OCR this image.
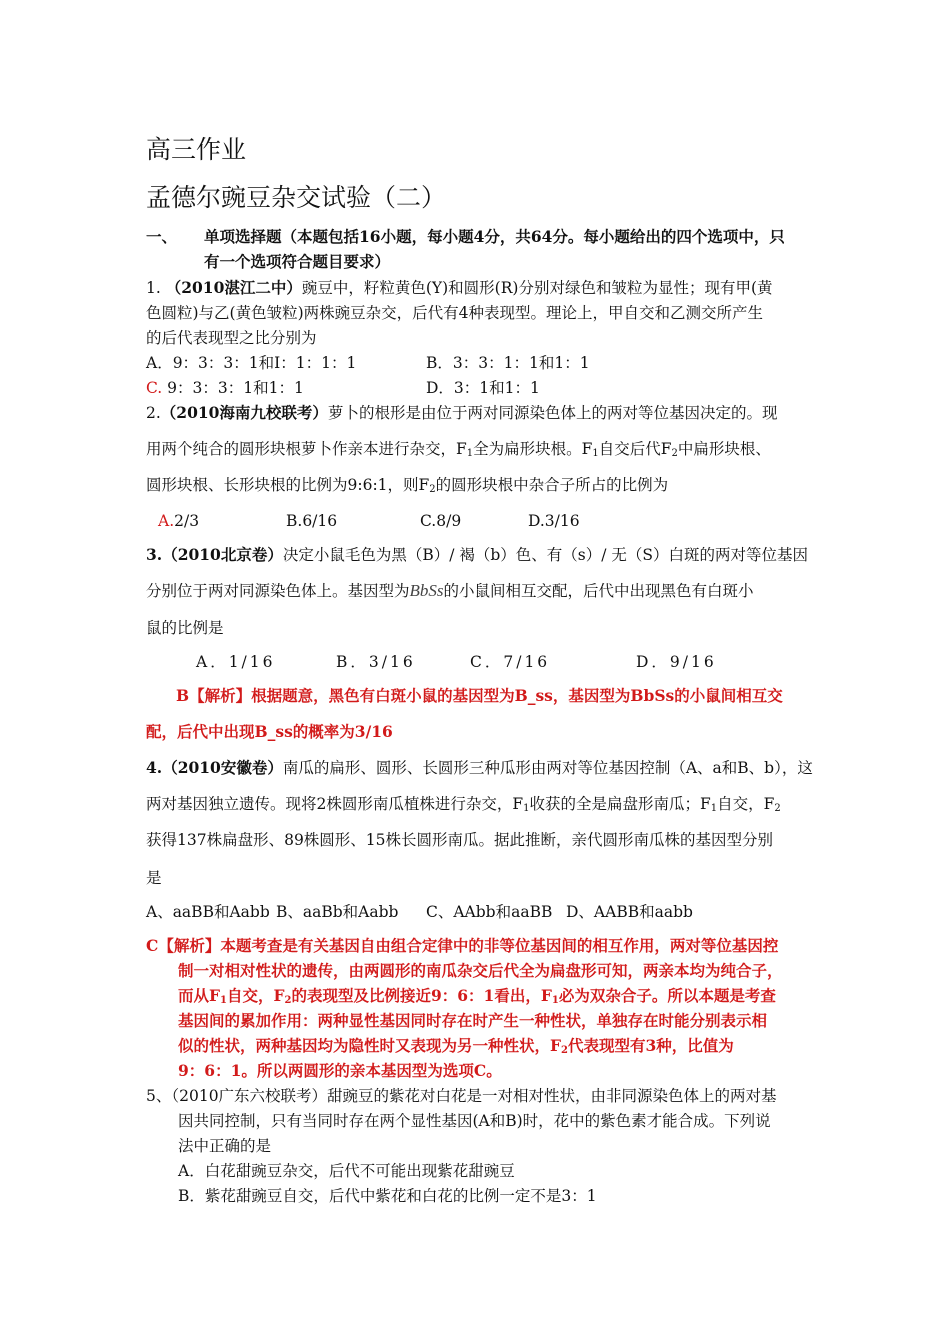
高三作业
孟德尔豌豆杂交试验（二）
一、 单项选择题（本题包括16小题，每小题4分，共64分。每小题给出的四个选项中，只
有一个选项符合题目要求）
1. （2010湛江二中）豌豆中，籽粒黄色(Y)和圆形(R)分别对绿色和皱粒为显性；现有甲(黄
色圆粒)与乙(黄色皱粒)两株豌豆杂交，后代有4种表现型。理论上，甲自交和乙测交所产生
的后代表现型之比分别为
A．9：3：3：1和I：1：1：1	B．3：3：1：1和1：1
C. 9：3：3：1和1：1	D．3：1和1：1
2.（2010海南九校联考）萝卜的根形是由位于两对同源染色体上的两对等位基因决定的。现
用两个纯合的圆形块根萝卜作亲本进行杂交，$F_1$全为扁形块根。$F_1$自交后代$F_2$中扁形块根、
圆形块根、长形块根的比例为9:6:1，则$F_2$的圆形块根中杂合子所占的比例为
A.2/3	B.6/16	C.8/9	D.3/16
3.（2010北京卷）决定小鼠毛色为黑（B）/ 褐（b）色、有（s）/ 无（S）白斑的两对等位基因
分别位于两对同源染色体上。基因型为BbSs的小鼠间相互交配，后代中出现黑色有白斑小
鼠的比例是
A．1/16	B．3/16	C．7/16	D．9/16
B【解析】根据题意，黑色有白斑小鼠的基因型为B_ss，基因型为BbSs的小鼠间相互交
配，后代中出现B_ss的概率为3/16
4.（2010安徽卷）南瓜的扁形、圆形、长圆形三种瓜形由两对等位基因控制（A、a和B、b），这
两对基因独立遗传。现将2株圆形南瓜植株进行杂交，$F_1$收获的全是扁盘形南瓜；$F_1$自交，$F_2$
获得137株扁盘形、89株圆形、15株长圆形南瓜。据此推断，亲代圆形南瓜株的基因型分别
是
A、aaBB和Aabb B、aaBb和Aabb C、AAbb和aaBB D、AABB和aabb
C【解析】本题考查是有关基因自由组合定律中的非等位基因间的相互作用，两对等位基因控
制一对相对性状的遗传，由两圆形的南瓜杂交后代全为扁盘形可知，两亲本均为纯合子，
而从$F_1$自交，$F_2$的表现型及比例接近9：6：1看出，$F_1$必为双杂合子。所以本题是考查
基因间的累加作用：两种显性基因同时存在时产生一种性状，单独存在时能分别表示相
似的性状，两种基因均为隐性时又表现为另一种性状，$F_2$代表现型有3种，比值为
9：6：1。所以两圆形的亲本基因型为选项C。
5、（2010广东六校联考）甜豌豆的紫花对白花是一对相对性状，由非同源染色体上的两对基
因共同控制，只有当同时存在两个显性基因(A和B)时，花中的紫色素才能合成。下列说
法中正确的是
A．白花甜豌豆杂交，后代不可能出现紫花甜豌豆
B．紫花甜豌豆自交，后代中紫花和白花的比例一定不是3：1
